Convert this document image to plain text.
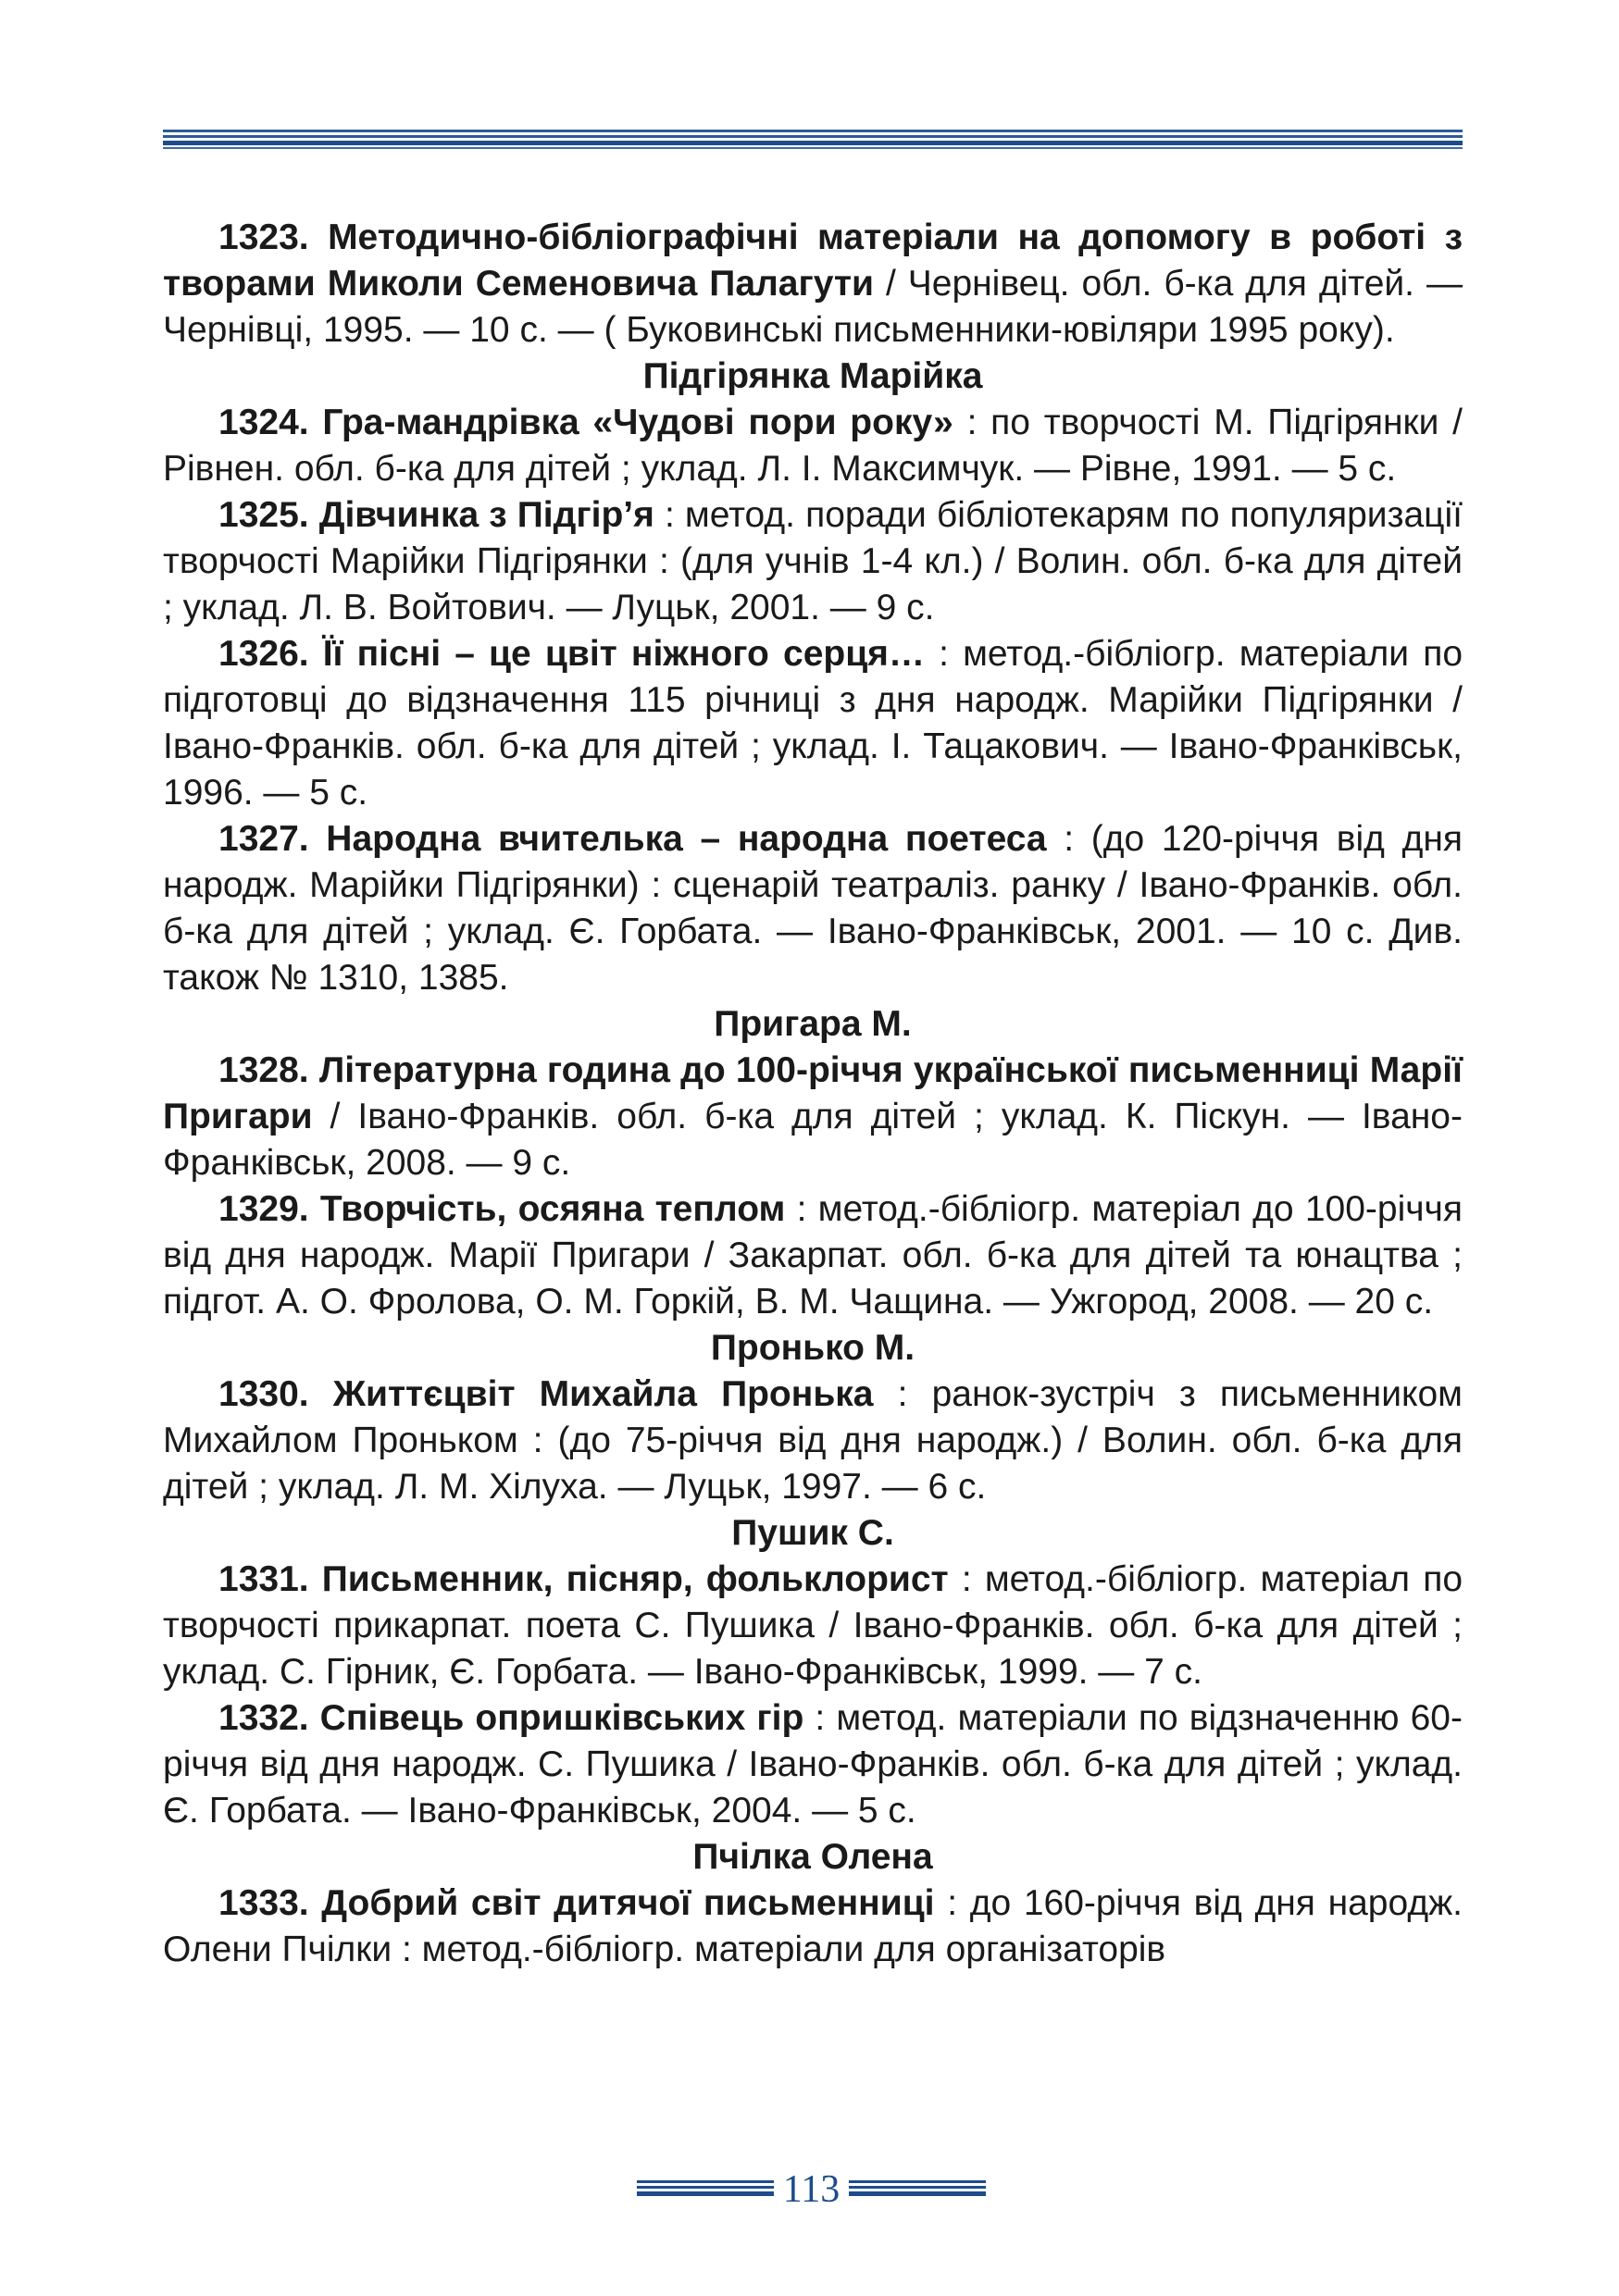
1323. Методично-бібліографічні матеріали на допомогу в роботі з творами Миколи Семеновича Палагути / Чернівец. обл. б-ка для дітей. — Чернівці, 1995. — 10 с. — ( Буковинські письменники-ювіляри 1995 року).

Підгірянка Марійка

1324. Гра-мандрівка «Чудові пори року» : по творчості М. Підгірянки / Рівнен. обл. б-ка для дітей ; уклад. Л. І. Максимчук. — Рівне, 1991. — 5 с.

1325. Дівчинка з Підгір’я : метод. поради бібліотекарям по популяризації творчості Марійки Підгірянки : (для учнів 1-4 кл.) / Волин. обл. б-ка для дітей ; уклад. Л. В. Войтович. — Луцьк, 2001. — 9 с.

1326. Її пісні – це цвіт ніжного серця… : метод.-бібліогр. матеріали по підготовці до відзначення 115 річниці з дня народж. Марійки Підгірянки / Івано-Франків. обл. б-ка для дітей ; уклад. І. Тацакович. — Івано-Франківськ, 1996. — 5 с.

1327. Народна вчителька – народна поетеса : (до 120-річчя від дня народж. Марійки Підгірянки) : сценарій театраліз. ранку / Івано-Франків. обл. б-ка для дітей ; уклад. Є. Горбата. — Івано-Франківськ, 2001. — 10 с. Див. також № 1310, 1385.

Пригара М.

1328. Літературна година до 100-річчя української письменниці Марії Пригари / Івано-Франків. обл. б-ка для дітей ; уклад. К. Піскун. — Івано-Франківськ, 2008. — 9 с.

1329. Творчість, осяяна теплом : метод.-бібліогр. матеріал до 100-річчя від дня народж. Марії Пригари / Закарпат. обл. б-ка для дітей та юнацтва ; підгот. А. О. Фролова, О. М. Горкій, В. М. Чащина. — Ужгород, 2008. — 20 с.

Пронько М.

1330. Життєцвіт Михайла Пронька : ранок-зустріч з письменником Михайлом Проньком : (до 75-річчя від дня народж.) / Волин. обл. б-ка для дітей ; уклад. Л. М. Хілуха. — Луцьк, 1997. — 6 с.

Пушик С.

1331. Письменник, пісняр, фольклорист : метод.-бібліогр. матеріал по творчості прикарпат. поета С. Пушика / Івано-Франків. обл. б-ка для дітей ; уклад. С. Гірник, Є. Горбата. — Івано-Франківськ, 1999. — 7 с.

1332. Співець опришківських гір : метод. матеріали по відзначенню 60-річчя від дня народж. С. Пушика / Івано-Франків. обл. б-ка для дітей ; уклад. Є. Горбата. — Івано-Франківськ, 2004. — 5 с.

Пчілка Олена

1333. Добрий світ дитячої письменниці : до 160-річчя від дня народж. Олени Пчілки : метод.-бібліогр. матеріали для організаторів

113
